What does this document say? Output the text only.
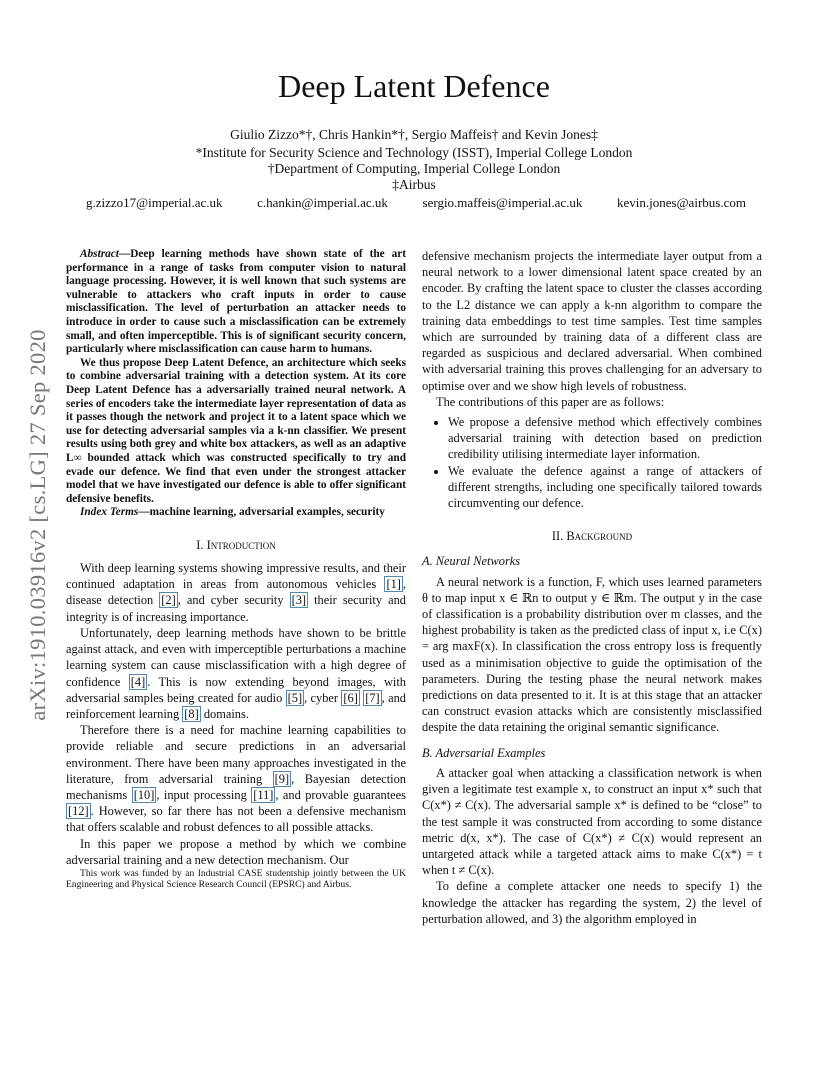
Deep Latent Defence
Giulio Zizzo*†, Chris Hankin*†, Sergio Maffeis† and Kevin Jones‡
*Institute for Security Science and Technology (ISST), Imperial College London
†Department of Computing, Imperial College London
‡Airbus
g.zizzo17@imperial.ac.uk	c.hankin@imperial.ac.uk	sergio.maffeis@imperial.ac.uk	kevin.jones@airbus.com
arXiv:1910.03916v2 [cs.LG] 27 Sep 2020

Abstract—Deep learning methods have shown state of the art performance in a range of tasks from computer vision to natural language processing. However, it is well known that such systems are vulnerable to attackers who craft inputs in order to cause misclassification. The level of perturbation an attacker needs to introduce in order to cause such a misclassification can be extremely small, and often imperceptible. This is of significant security concern, particularly where misclassification can cause harm to humans.

We thus propose Deep Latent Defence, an architecture which seeks to combine adversarial training with a detection system. At its core Deep Latent Defence has a adversarially trained neural network. A series of encoders take the intermediate layer representation of data as it passes though the network and project it to a latent space which we use for detecting adversarial samples via a k-nn classifier. We present results using both grey and white box attackers, as well as an adaptive L∞ bounded attack which was constructed specifically to try and evade our defence. We find that even under the strongest attacker model that we have investigated our defence is able to offer significant defensive benefits.

Index Terms—machine learning, adversarial examples, security

I. Introduction

With deep learning systems showing impressive results, and their continued adaptation in areas from autonomous vehicles [1] , disease detection [2] , and cyber security [3] their security and integrity is of increasing importance.

Unfortunately, deep learning methods have shown to be brittle against attack, and even with imperceptible perturbations a machine learning system can cause misclassification with a high degree of confidence [4] . This is now extending beyond images, with adversarial samples being created for audio [5] , cyber [6] [7] , and reinforcement learning [8] domains.

Therefore there is a need for machine learning capabilities to provide reliable and secure predictions in an adversarial environment. There have been many approaches investigated in the literature, from adversarial training [9] , Bayesian detection mechanisms [10] , input processing [11] , and provable guarantees [12] . However, so far there has not been a defensive mechanism that offers scalable and robust defences to all possible attacks.

In this paper we propose a method by which we combine adversarial training and a new detection mechanism. Our

This work was funded by an Industrial CASE studentship jointly between the UK Engineering and Physical Science Research Council (EPSRC) and Airbus.

defensive mechanism projects the intermediate layer output from a neural network to a lower dimensional latent space created by an encoder. By crafting the latent space to cluster the classes according to the L2 distance we can apply a k-nn algorithm to compare the training data embeddings to test time samples. Test time samples which are surrounded by training data of a different class are regarded as suspicious and declared adversarial. When combined with adversarial training this proves challenging for an adversary to optimise over and we show high levels of robustness.

The contributions of this paper are as follows:

• We propose a defensive method which effectively combines adversarial training with detection based on prediction credibility utilising intermediate layer information.
• We evaluate the defence against a range of attackers of different strengths, including one specifically tailored towards circumventing our defence.
II. Background
A. Neural Networks

A neural network is a function, F, which uses learned parameters θ to map input x ∈ ℝn to output y ∈ ℝm. The output y in the case of classification is a probability distribution over m classes, and the highest probability is taken as the predicted class of input x, i.e C(x) = arg maxF(x). In classification the cross entropy loss is frequently used as a minimisation objective to guide the optimisation of the parameters. During the testing phase the neural network makes predictions on data presented to it. It is at this stage that an attacker can construct evasion attacks which are consistently misclassified despite the data retaining the original semantic significance.

B. Adversarial Examples

A attacker goal when attacking a classification network is when given a legitimate test example x, to construct an input x* such that C(x*) ≠ C(x). The adversarial sample x* is defined to be “close” to the test sample it was constructed from according to some distance metric d(x, x*). The case of C(x*) ≠ C(x) would represent an untargeted attack while a targeted attack aims to make C(x*) = t when t ≠ C(x).

To define a complete attacker one needs to specify 1) the knowledge the attacker has regarding the system, 2) the level of perturbation allowed, and 3) the algorithm employed in
